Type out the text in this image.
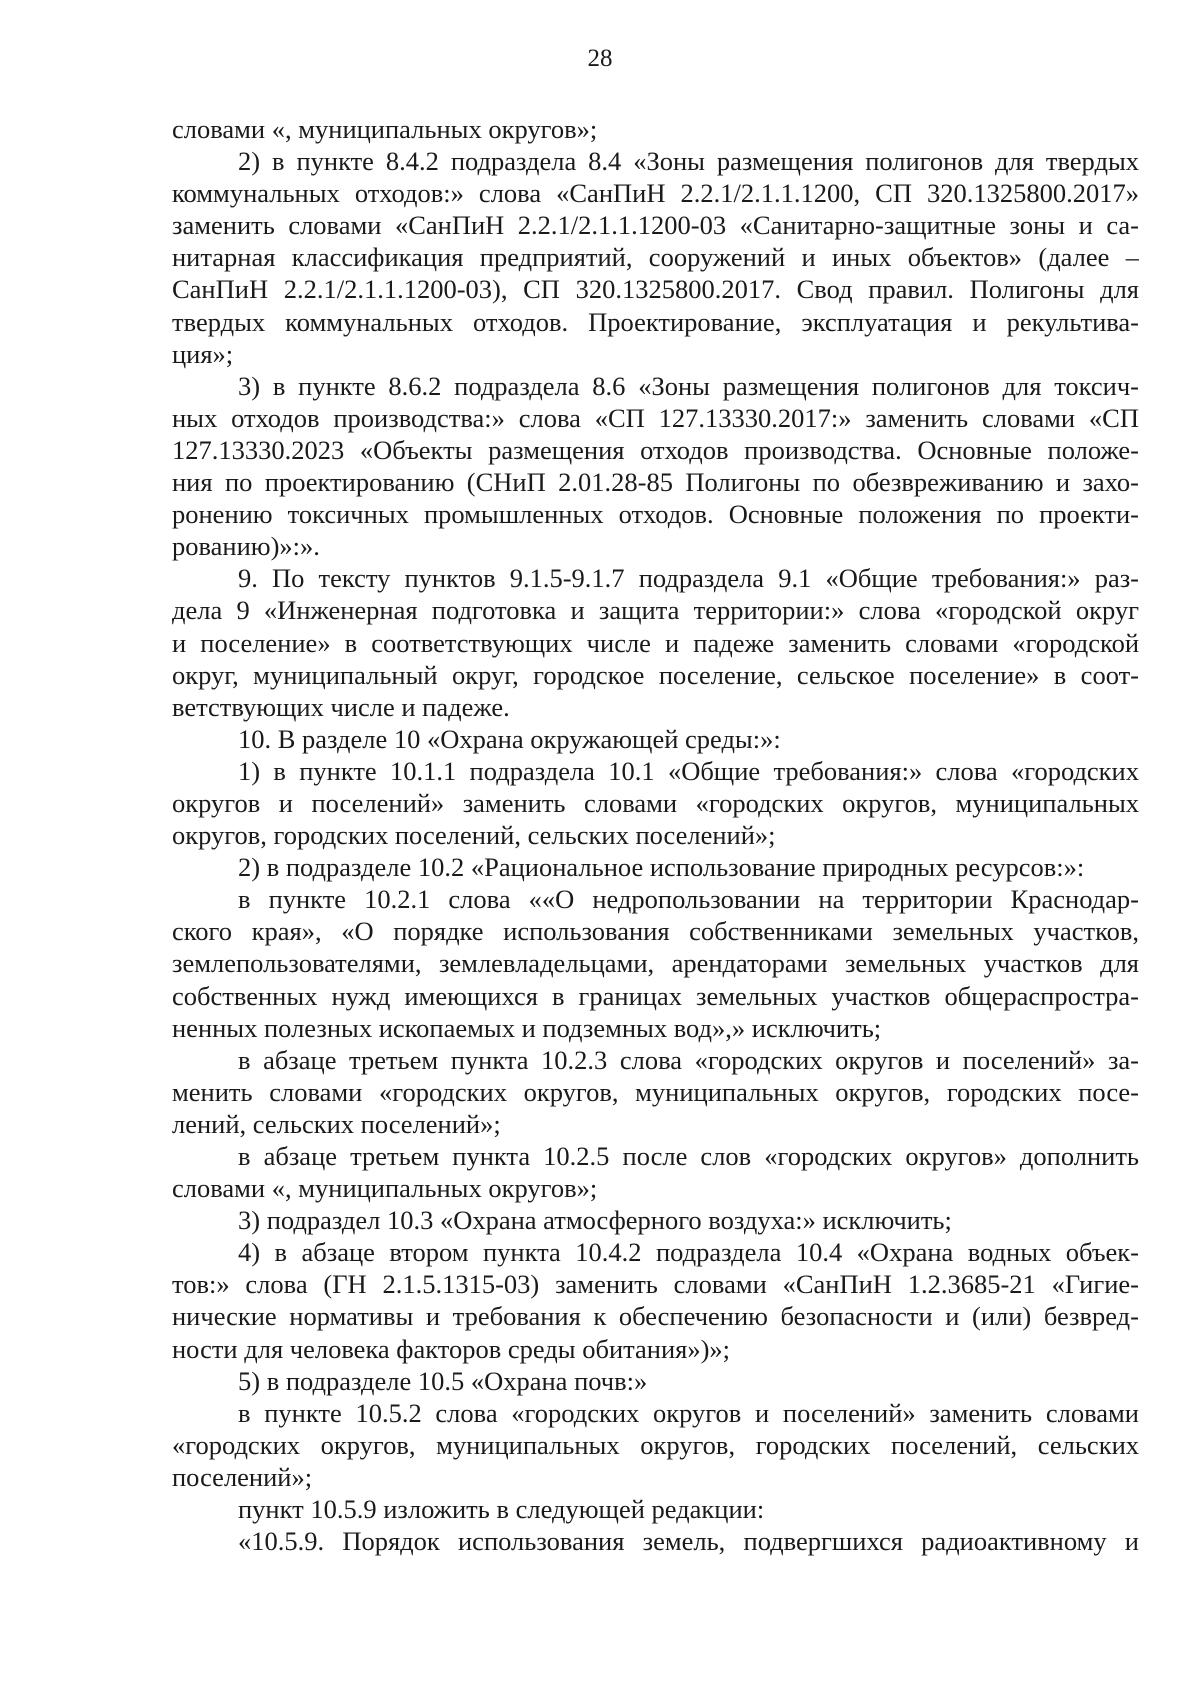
28
словами «, муниципальных округов»;
2) в пункте 8.4.2 подраздела 8.4 «Зоны размещения полигонов для твердых
коммунальных отходов:» слова «СанПиН 2.2.1/2.1.1.1200, СП 320.1325800.2017»
заменить словами «СанПиН 2.2.1/2.1.1.1200-03 «Санитарно-защитные зоны и са-
нитарная классификация предприятий, сооружений и иных объектов» (далее –
СанПиН 2.2.1/2.1.1.1200-03), СП 320.1325800.2017. Свод правил. Полигоны для
твердых коммунальных отходов. Проектирование, эксплуатация и рекультива-
ция»;
3) в пункте 8.6.2 подраздела 8.6 «Зоны размещения полигонов для токсич-
ных отходов производства:» слова «СП 127.13330.2017:» заменить словами «СП
127.13330.2023 «Объекты размещения отходов производства. Основные положе-
ния по проектированию (СНиП 2.01.28-85 Полигоны по обезвреживанию и захо-
ронению токсичных промышленных отходов. Основные положения по проекти-
рованию)»:».
9. По тексту пунктов 9.1.5-9.1.7 подраздела 9.1 «Общие требования:» раз-
дела 9 «Инженерная подготовка и защита территории:» слова «городской округ
и поселение» в соответствующих числе и падеже заменить словами «городской
округ, муниципальный округ, городское поселение, сельское поселение» в соот-
ветствующих числе и падеже.
10. В разделе 10 «Охрана окружающей среды:»:
1) в пункте 10.1.1 подраздела 10.1 «Общие требования:» слова «городских
округов и поселений» заменить словами «городских округов, муниципальных
округов, городских поселений, сельских поселений»;
2) в подразделе 10.2 «Рациональное использование природных ресурсов:»:
в пункте 10.2.1 слова ««О недропользовании на территории Краснодар-
ского края», «О порядке использования собственниками земельных участков,
землепользователями, землевладельцами, арендаторами земельных участков для
собственных нужд имеющихся в границах земельных участков общераспростра-
ненных полезных ископаемых и подземных вод»,» исключить;
в абзаце третьем пункта 10.2.3 слова «городских округов и поселений» за-
менить словами «городских округов, муниципальных округов, городских посе-
лений, сельских поселений»;
в абзаце третьем пункта 10.2.5 после слов «городских округов» дополнить
словами «, муниципальных округов»;
3) подраздел 10.3 «Охрана атмосферного воздуха:» исключить;
4) в абзаце втором пункта 10.4.2 подраздела 10.4 «Охрана водных объек-
тов:» слова (ГН 2.1.5.1315-03) заменить словами «СанПиН 1.2.3685-21 «Гигие-
нические нормативы и требования к обеспечению безопасности и (или) безвред-
ности для человека факторов среды обитания»)»;
5) в подразделе 10.5 «Охрана почв:»
в пункте 10.5.2 слова «городских округов и поселений» заменить словами
«городских округов, муниципальных округов, городских поселений, сельских
поселений»;
пункт 10.5.9 изложить в следующей редакции:
«10.5.9. Порядок использования земель, подвергшихся радиоактивному и
